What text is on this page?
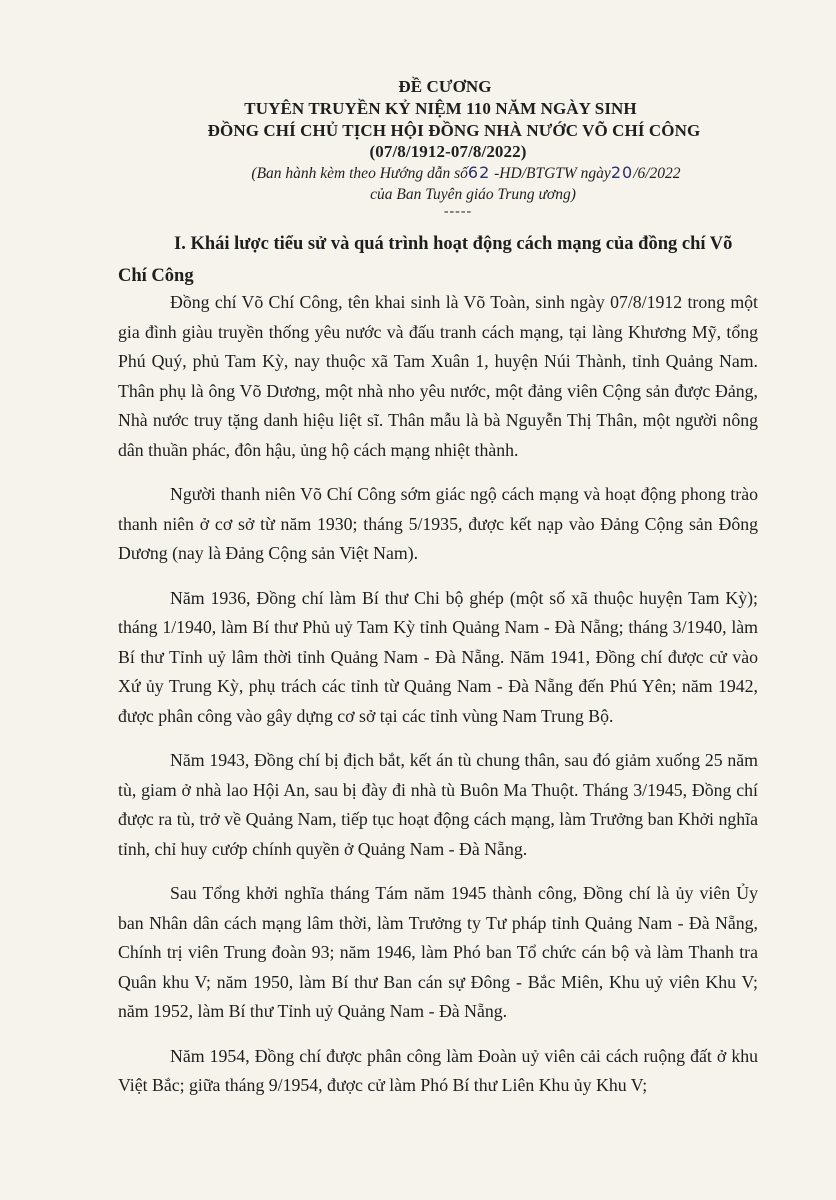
ĐỀ CƯƠNG
TUYÊN TRUYỀN KỶ NIỆM 110 NĂM NGÀY SINH
ĐỒNG CHÍ CHỦ TỊCH HỘI ĐỒNG NHÀ NƯỚC VÕ CHÍ CÔNG
(07/8/1912-07/8/2022)
(Ban hành kèm theo Hướng dẫn số62 -HD/BTGTW ngày20/6/2022
của Ban Tuyên giáo Trung ương)
-----
I. Khái lược tiểu sử và quá trình hoạt động cách mạng của đồng chí Võ Chí Công

Đồng chí Võ Chí Công, tên khai sinh là Võ Toàn, sinh ngày 07/8/1912 trong một gia đình giàu truyền thống yêu nước và đấu tranh cách mạng, tại làng Khương Mỹ, tổng Phú Quý, phủ Tam Kỳ, nay thuộc xã Tam Xuân 1, huyện Núi Thành, tỉnh Quảng Nam. Thân phụ là ông Võ Dương, một nhà nho yêu nước, một đảng viên Cộng sản được Đảng, Nhà nước truy tặng danh hiệu liệt sĩ. Thân mẫu là bà Nguyễn Thị Thân, một người nông dân thuần phác, đôn hậu, ủng hộ cách mạng nhiệt thành.

Người thanh niên Võ Chí Công sớm giác ngộ cách mạng và hoạt động phong trào thanh niên ở cơ sở từ năm 1930; tháng 5/1935, được kết nạp vào Đảng Cộng sản Đông Dương (nay là Đảng Cộng sản Việt Nam).

Năm 1936, Đồng chí làm Bí thư Chi bộ ghép (một số xã thuộc huyện Tam Kỳ); tháng 1/1940, làm Bí thư Phủ uỷ Tam Kỳ tỉnh Quảng Nam - Đà Nẵng; tháng 3/1940, làm Bí thư Tỉnh uỷ lâm thời tỉnh Quảng Nam - Đà Nẵng. Năm 1941, Đồng chí được cử vào Xứ ủy Trung Kỳ, phụ trách các tỉnh từ Quảng Nam - Đà Nẵng đến Phú Yên; năm 1942, được phân công vào gây dựng cơ sở tại các tỉnh vùng Nam Trung Bộ.

Năm 1943, Đồng chí bị địch bắt, kết án tù chung thân, sau đó giảm xuống 25 năm tù, giam ở nhà lao Hội An, sau bị đày đi nhà tù Buôn Ma Thuột. Tháng 3/1945, Đồng chí được ra tù, trở về Quảng Nam, tiếp tục hoạt động cách mạng, làm Trưởng ban Khởi nghĩa tỉnh, chỉ huy cướp chính quyền ở Quảng Nam - Đà Nẵng.

Sau Tổng khởi nghĩa tháng Tám năm 1945 thành công, Đồng chí là ủy viên Ủy ban Nhân dân cách mạng lâm thời, làm Trưởng ty Tư pháp tỉnh Quảng Nam - Đà Nẵng, Chính trị viên Trung đoàn 93; năm 1946, làm Phó ban Tổ chức cán bộ và làm Thanh tra Quân khu V; năm 1950, làm Bí thư Ban cán sự Đông - Bắc Miên, Khu uỷ viên Khu V; năm 1952, làm Bí thư Tỉnh uỷ Quảng Nam - Đà Nẵng.

Năm 1954, Đồng chí được phân công làm Đoàn uỷ viên cải cách ruộng đất ở khu Việt Bắc; giữa tháng 9/1954, được cử làm Phó Bí thư Liên Khu ủy Khu V;
